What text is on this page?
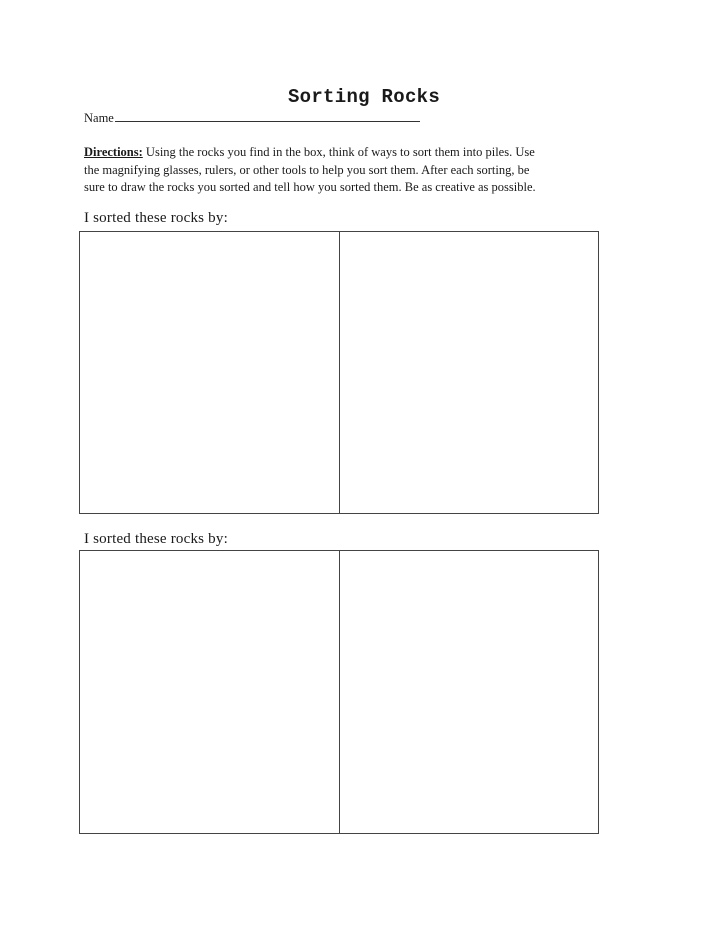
Sorting Rocks
Name
Directions: Using the rocks you find in the box, think of ways to sort them into piles. Use
the magnifying glasses, rulers, or other tools to help you sort them. After each sorting, be
sure to draw the rocks you sorted and tell how you sorted them. Be as creative as possible.
I sorted these rocks by:
I sorted these rocks by:
